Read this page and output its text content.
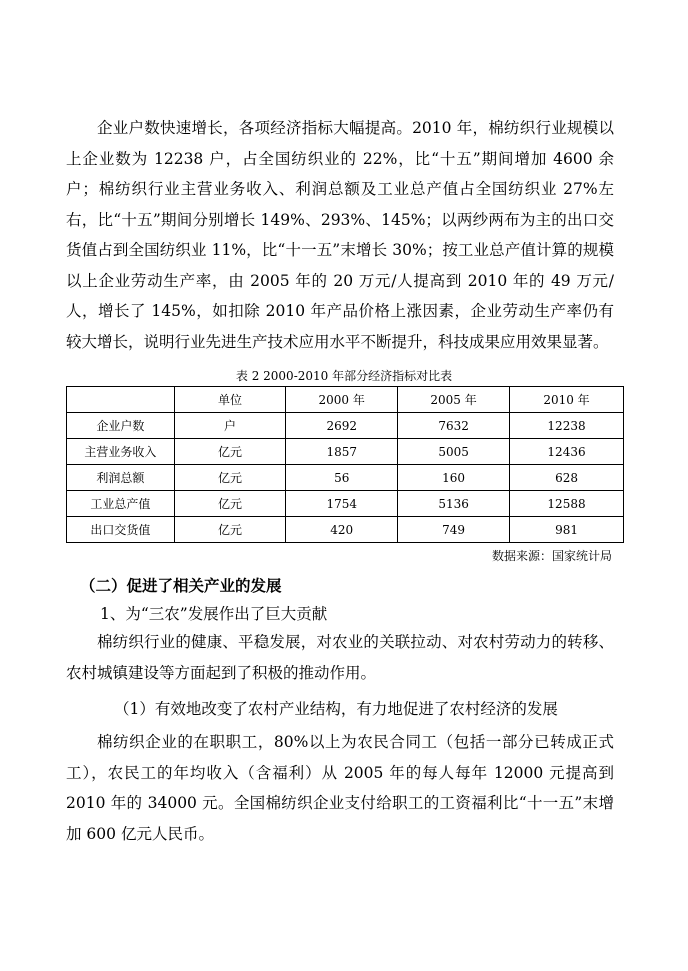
企业户数快速增长，各项经济指标大幅提高。2010 年，棉纺织行业规模以上企业数为 12238 户，占全国纺织业的 22%，比“十五”期间增加 4600 余户；棉纺织行业主营业务收入、利润总额及工业总产值占全国纺织业 27%左右，比“十五”期间分别增长 149%、293%、145%；以两纱两布为主的出口交货值占到全国纺织业 11%，比“十一五”末增长 30%；按工业总产值计算的规模以上企业劳动生产率，由 2005 年的 20 万元/人提高到 2010 年的 49 万元/人，增长了 145%，如扣除 2010 年产品价格上涨因素，企业劳动生产率仍有较大增长，说明行业先进生产技术应用水平不断提升，科技成果应用效果显著。

表 2 2000-2010 年部分经济指标对比表
	单位	2000 年	2005 年	2010 年
企业户数	户	2692	7632	12238
主营业务收入	亿元	1857	5005	12436
利润总额	亿元	56	160	628
工业总产值	亿元	1754	5136	12588
出口交货值	亿元	420	749	981
数据来源：国家统计局
（二）促进了相关产业的发展
1、为“三农”发展作出了巨大贡献

棉纺织行业的健康、平稳发展，对农业的关联拉动、对农村劳动力的转移、农村城镇建设等方面起到了积极的推动作用。

（1）有效地改变了农村产业结构，有力地促进了农村经济的发展

棉纺织企业的在职职工，80%以上为农民合同工（包括一部分已转成正式工），农民工的年均收入（含福利）从 2005 年的每人每年 12000 元提高到 2010 年的 34000 元。全国棉纺织企业支付给职工的工资福利比“十一五”末增加 600 亿元人民币。
